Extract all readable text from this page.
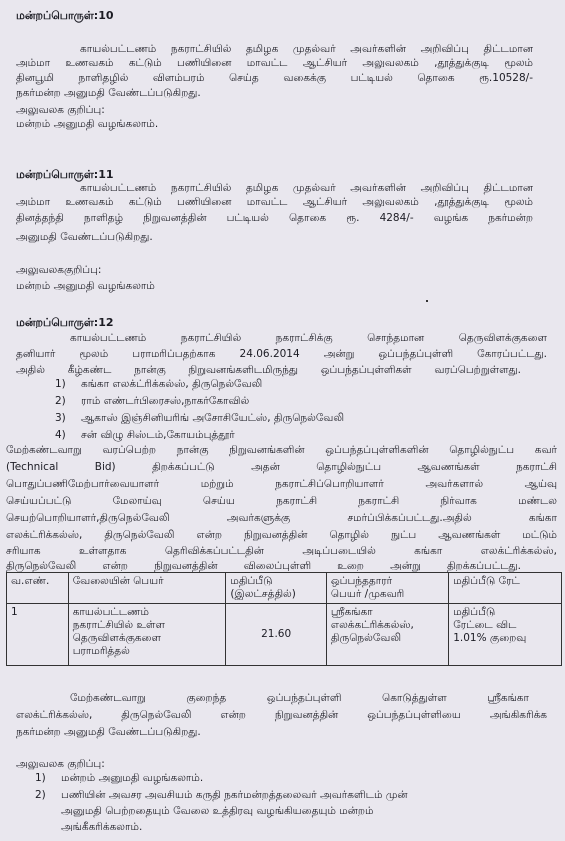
மன்றப்பொருள்:10
காயல்பட்டணம் நகராட்சியில் தமிழக முதல்வர் அவர்களின் அறிவிப்பு திட்டமான
அம்மா உணவகம் கட்டும் பணியினை மாவட்ட ஆட்சியர் அலுவலகம் ,தூத்துக்குடி மூலம்
தினபூமி நாளிதழில் விளம்பரம் செய்த வகைக்கு பட்டியல் தொகை ரூ.10528/-
நகர்மன்ற அனுமதி வேண்டப்படுகிறது.
அலுவலக குறிப்பு:
மன்றம் அனுமதி வழங்கலாம்.
மன்றப்பொருள்:11
காயல்பட்டணம் நகராட்சியில் தமிழக முதல்வர் அவர்களின் அறிவிப்பு திட்டமான
அம்மா உணவகம் கட்டும் பணியினை மாவட்ட ஆட்சியர் அலுவலகம் ,தூத்துக்குடி மூலம்
தினத்தந்தி நாளிதழ் நிறுவனத்தின் பட்டியல் தொகை ரூ. 4284/- வழங்க நகர்மன்ற
அனுமதி வேண்டப்படுகிறது.
அலுவலககுறிப்பு:
மன்றம் அனுமதி வழங்கலாம்
மன்றப்பொருள்:12
காயல்பட்டணம் நகராட்சியில் நகராட்சிக்கு சொந்தமான தெருவிளக்குகளை
தனியார் மூலம் பராமரிப்பதற்காக 24.06.2014 அன்று ஒப்பந்தப்புள்ளி கோரப்பட்டது.
அதில் கீழ்கண்ட நான்கு நிறுவனங்களிடமிருந்து ஒப்பந்தப்புள்ளிகள் வரப்பெற்றுள்ளது.
1) கங்கா எலக்ட்ரிக்கல்ஸ், திருநெல்வேலி
2) ராம் எண்டர்பிரைசஸ்,நாகர்கோவில்
3) ஆகாஸ் இஞ்சினியரிங் அசோசியேட்ஸ், திருநெல்வேலி
4) சன் விழு சிஸ்டம்,கோயம்புத்தூர்
மேற்கண்டவாறு வரப்பெற்ற நான்கு நிறுவனங்களின் ஒப்பந்தப்புள்ளிகளின் தொழில்நுட்ப கவர்
(Technical Bid) திறக்கப்பட்டு அதன் தொழில்நுட்ப ஆவணங்கள் நகராட்சி
பொதுப்பணிமேற்பார்வையாளர் மற்றும் நகராட்சிப்பொறியாளர் அவர்களால் ஆய்வு
செய்யப்பட்டு மேலாய்வு செய்ய நகராட்சி நகராட்சி நிர்வாக மண்டல
செயற்பொறியாளர்,திருநெல்வேலி அவர்களுக்கு சமர்ப்பிக்கப்பட்டது.அதில் கங்கா
எலக்ட்ரிக்கல்ஸ், திருநெல்வேலி என்ற நிறுவனத்தின் தொழில் நுட்ப ஆவணங்கள் மட்டும்
சரியாக உள்ளதாக தெரிவிக்கப்பட்டதின் அடிப்படையில் கங்கா எலக்ட்ரிக்கல்ஸ்,
திருநெல்வேலி என்ற நிறுவனத்தின் விலைப்புள்ளி உறை அன்று திறக்கப்பட்டது.
வ.எண்.	வேலையின் பெயர்	மதிப்பீடு
(இலட்சத்தில்)	ஒப்பந்ததாரர்
பெயர் /முகவரி	மதிப்பீடு ரேட்
1	காயல்பட்டணம்
நகராட்சியில் உள்ள
தெருவிளக்குகளை
பராமரித்தல்	21.60	ஸ்ரீகங்கா
எலக்கட்ரிக்கல்ஸ்,
திருநெல்வேலி	மதிப்பீடு
ரேட்டை விட
1.01% குறைவு
மேற்கண்டவாறு குறைந்த ஒப்பந்தப்புள்ளி கொடுத்துள்ள ஸ்ரீகங்கா
எலக்ட்ரிக்கல்ஸ், திருநெல்வேலி என்ற நிறுவனத்தின் ஒப்பந்தப்புள்ளியை அங்கிகரிக்க
நகர்மன்ற அனுமதி வேண்டப்படுகிறது.
அலுவலக குறிப்பு:
1) மன்றம் அனுமதி வழங்கலாம்.
2) பணியின் அவசர அவசியம் கருதி நகர்மன்றத்தலைவர் அவர்களிடம் முன்
அனுமதி பெற்றதையும் வேலை உத்திரவு வழங்கியதையும் மன்றம்
அங்கீகரிக்கலாம்.
